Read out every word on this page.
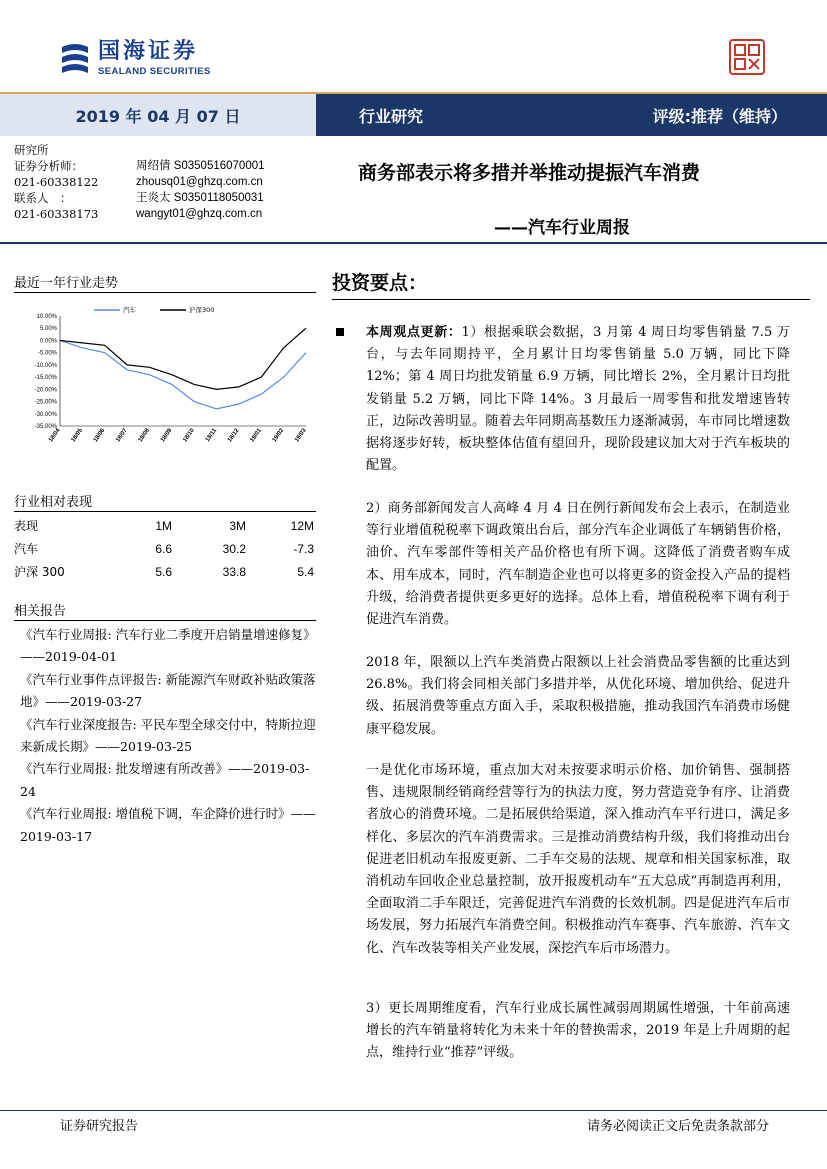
国海证券
SEALAND SECURITIES
2019 年 04 月 07 日	行业研究	评级:推荐（维持）
研究所
证券分析师：	周绍倩 S0350516070001
021-60338122	zhousq01@ghzq.com.cn
联系人　：	王炎太 S0350118050031
021-60338173	wangyt01@ghzq.com.cn
商务部表示将多措并举推动提振汽车消费
——汽车行业周报
最近一年行业走势
10.00%
5.00%
0.00%
-5.00%
-10.00%
-15.00%
-20.00%
-25.00%
-30.00%
-35.00%
18/04 18/05 18/06 18/07 18/08 18/09 18/10 18/11 18/12 19/01 19/02 19/03
汽车	沪深300
行业相对表现
表现	1M	3M	12M
汽车	6.6	30.2	-7.3
沪深 300	5.6	33.8	5.4
相关报告
《汽车行业周报: 汽车行业二季度开启销量增速修复》——2019-04-01
《汽车行业事件点评报告: 新能源汽车财政补贴政策落地》——2019-03-27
《汽车行业深度报告: 平民车型全球交付中，特斯拉迎来新成长期》——2019-03-25
《汽车行业周报: 批发增速有所改善》——2019-03-24
《汽车行业周报: 增值税下调，车企降价进行时》——2019-03-17
投资要点：
本周观点更新：1）根据乘联会数据，3 月第 4 周日均零售销量 7.5 万台，与去年同期持平，全月累计日均零售销量 5.0 万辆，同比下降 12%；第 4 周日均批发销量 6.9 万辆，同比增长 2%，全月累计日均批发销量 5.2 万辆，同比下降 14%。3 月最后一周零售和批发增速皆转正，边际改善明显。随着去年同期高基数压力逐渐减弱，车市同比增速数据将逐步好转，板块整体估值有望回升，现阶段建议加大对于汽车板块的配置。
2）商务部新闻发言人高峰 4 月 4 日在例行新闻发布会上表示，在制造业等行业增值税税率下调政策出台后，部分汽车企业调低了车辆销售价格，油价、汽车零部件等相关产品价格也有所下调。这降低了消费者购车成本、用车成本，同时，汽车制造企业也可以将更多的资金投入产品的提档升级，给消费者提供更多更好的选择。总体上看，增值税税率下调有利于促进汽车消费。
2018 年，限额以上汽车类消费占限额以上社会消费品零售额的比重达到 26.8%。我们将会同相关部门多措并举，从优化环境、增加供给、促进升级、拓展消费等重点方面入手，采取积极措施，推动我国汽车消费市场健康平稳发展。
一是优化市场环境，重点加大对未按要求明示价格、加价销售、强制搭售、违规限制经销商经营等行为的执法力度，努力营造竞争有序、让消费者放心的消费环境。二是拓展供给渠道，深入推动汽车平行进口，满足多样化、多层次的汽车消费需求。三是推动消费结构升级，我们将推动出台促进老旧机动车报废更新、二手车交易的法规、规章和相关国家标准，取消机动车回收企业总量控制，放开报废机动车“五大总成”再制造再利用，全面取消二手车限迁，完善促进汽车消费的长效机制。四是促进汽车后市场发展，努力拓展汽车消费空间。积极推动汽车赛事、汽车旅游、汽车文化、汽车改装等相关产业发展，深挖汽车后市场潜力。
3）更长周期维度看，汽车行业成长属性减弱周期属性增强，十年前高速增长的汽车销量将转化为未来十年的替换需求，2019 年是上升周期的起点，维持行业“推荐”评级。
证券研究报告	请务必阅读正文后免责条款部分
